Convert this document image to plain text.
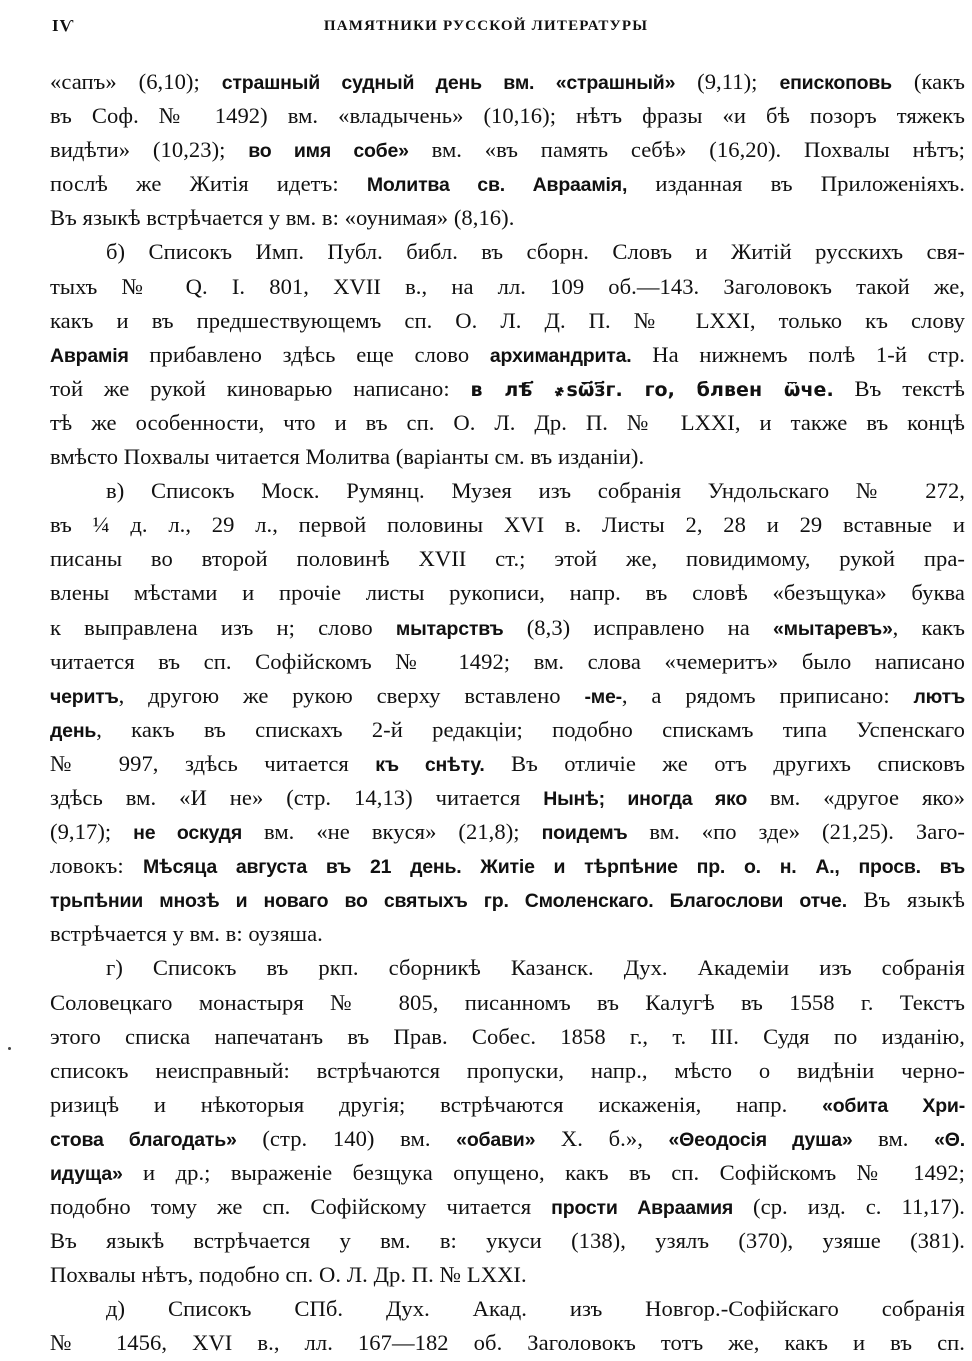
IѴ	ПАМЯТНИКИ РУССКОЙ ЛИТЕРАТУРЫ
«сапъ» (6,10); страшный судный день вм. «страшный» (9,11); епископовь (какъ
въ Соф. № 1492) вм. «владычень» (10,16); нѣтъ фразы «и бѣ позоръ тяжекъ
видѣти» (10,23); во имя собе» вм. «въ память себѣ» (16,20). Похвалы нѣтъ;
послѣ же Житія идетъ: Молитва св. Авраамія, изданная въ Приложеніяхъ.
Въ языкѣ встрѣчается у вм. в: «оунимая» (8,16).
б) Списокъ Имп. Публ. библ. въ сборн. Словъ и Житій русскихъ свя-
тыхъ № Q. I. 801, XVII в., на лл. 109 об.—143. Заголовокъ такой же,
какъ и въ предшествующемъ сп. О. Л. Д. П. № LXXI, только къ слову
Аврамія прибавлено здѣсь еще слово архимандрита. На нижнемъ полѣ 1-й стр.
той же рукой киноварью написано: в лѣ҃ ҂ѕѿ҃з҃г. го, блвен ѿче. Въ текстѣ
тѣ же особенности, что и въ сп. О. Л. Др. П. № LXXI, и также въ концѣ
вмѣсто Похвалы читается Молитва (варіанты см. въ изданіи).
в) Списокъ Моск. Румянц. Музея изъ собранія Ундольскаго № 272,
въ ¼ д. л., 29 л., первой половины XVI в. Листы 2, 28 и 29 вставные и
писаны во второй половинѣ XVII ст.; этой же, повидимому, рукой пра-
влены мѣстами и прочіе листы рукописи, напр. въ словѣ «безъщука» буква
к выправлена изъ н; слово мытарствъ (8,3) исправлено на «мытаревъ», какъ
читается въ сп. Софійскомъ № 1492; вм. слова «чемеритъ» было написано
черитъ, другою же рукою сверху вставлено -ме-, а рядомъ приписано: лютъ
день, какъ въ спискахъ 2-й редакціи; подобно спискамъ типа Успенскаго
№ 997, здѣсь читается къ снѣту. Въ отличіе же отъ другихъ списковъ
здѣсь вм. «И не» (стр. 14,13) читается Нынѣ; иногда яко вм. «другое яко»
(9,17); не оскудя вм. «не вкуся» (21,8); поидемъ вм. «по зде» (21,25). Заго-
ловокъ: Мѣсяца августа въ 21 день. Житіе и тѣрпѣние пр. о. н. А., просв. въ
трьпѣнии мнозѣ и новаго во святыхъ гр. Смоленскаго. Благослови отче. Въ языкѣ
встрѣчается у вм. в: оузяша.
г) Списокъ въ ркп. сборникѣ Казанск. Дух. Академіи изъ собранія
Соловецкаго монастыря № 805, писанномъ въ Калугѣ въ 1558 г. Текстъ
этого списка напечатанъ въ Прав. Собес. 1858 г., т. III. Судя по изданію,
списокъ неисправный: встрѣчаются пропуски, напр., мѣсто о видѣніи черно-
ризицѣ и нѣкоторыя другія; встрѣчаются искаженія, напр. «обита Хри-
стова благодать» (стр. 140) вм. «обави» Х. б.», «Θеодосія душа» вм. «Θ.
идуща» и др.; выраженіе безщука опущено, какъ въ сп. Софійскомъ № 1492;
подобно тому же сп. Софійскому читается прости Авраамия (ср. изд. с. 11,17).
Въ языкѣ встрѣчается у вм. в: укуси (138), узялъ (370), узяше (381).
Похвалы нѣтъ, подобно сп. О. Л. Др. П. № LXXI.
д) Списокъ СПб. Дух. Акад. изъ Новгор.-Софійскаго собранія
№ 1456, XVI в., лл. 167—182 об. Заголовокъ тотъ же, какъ и въ сп.
